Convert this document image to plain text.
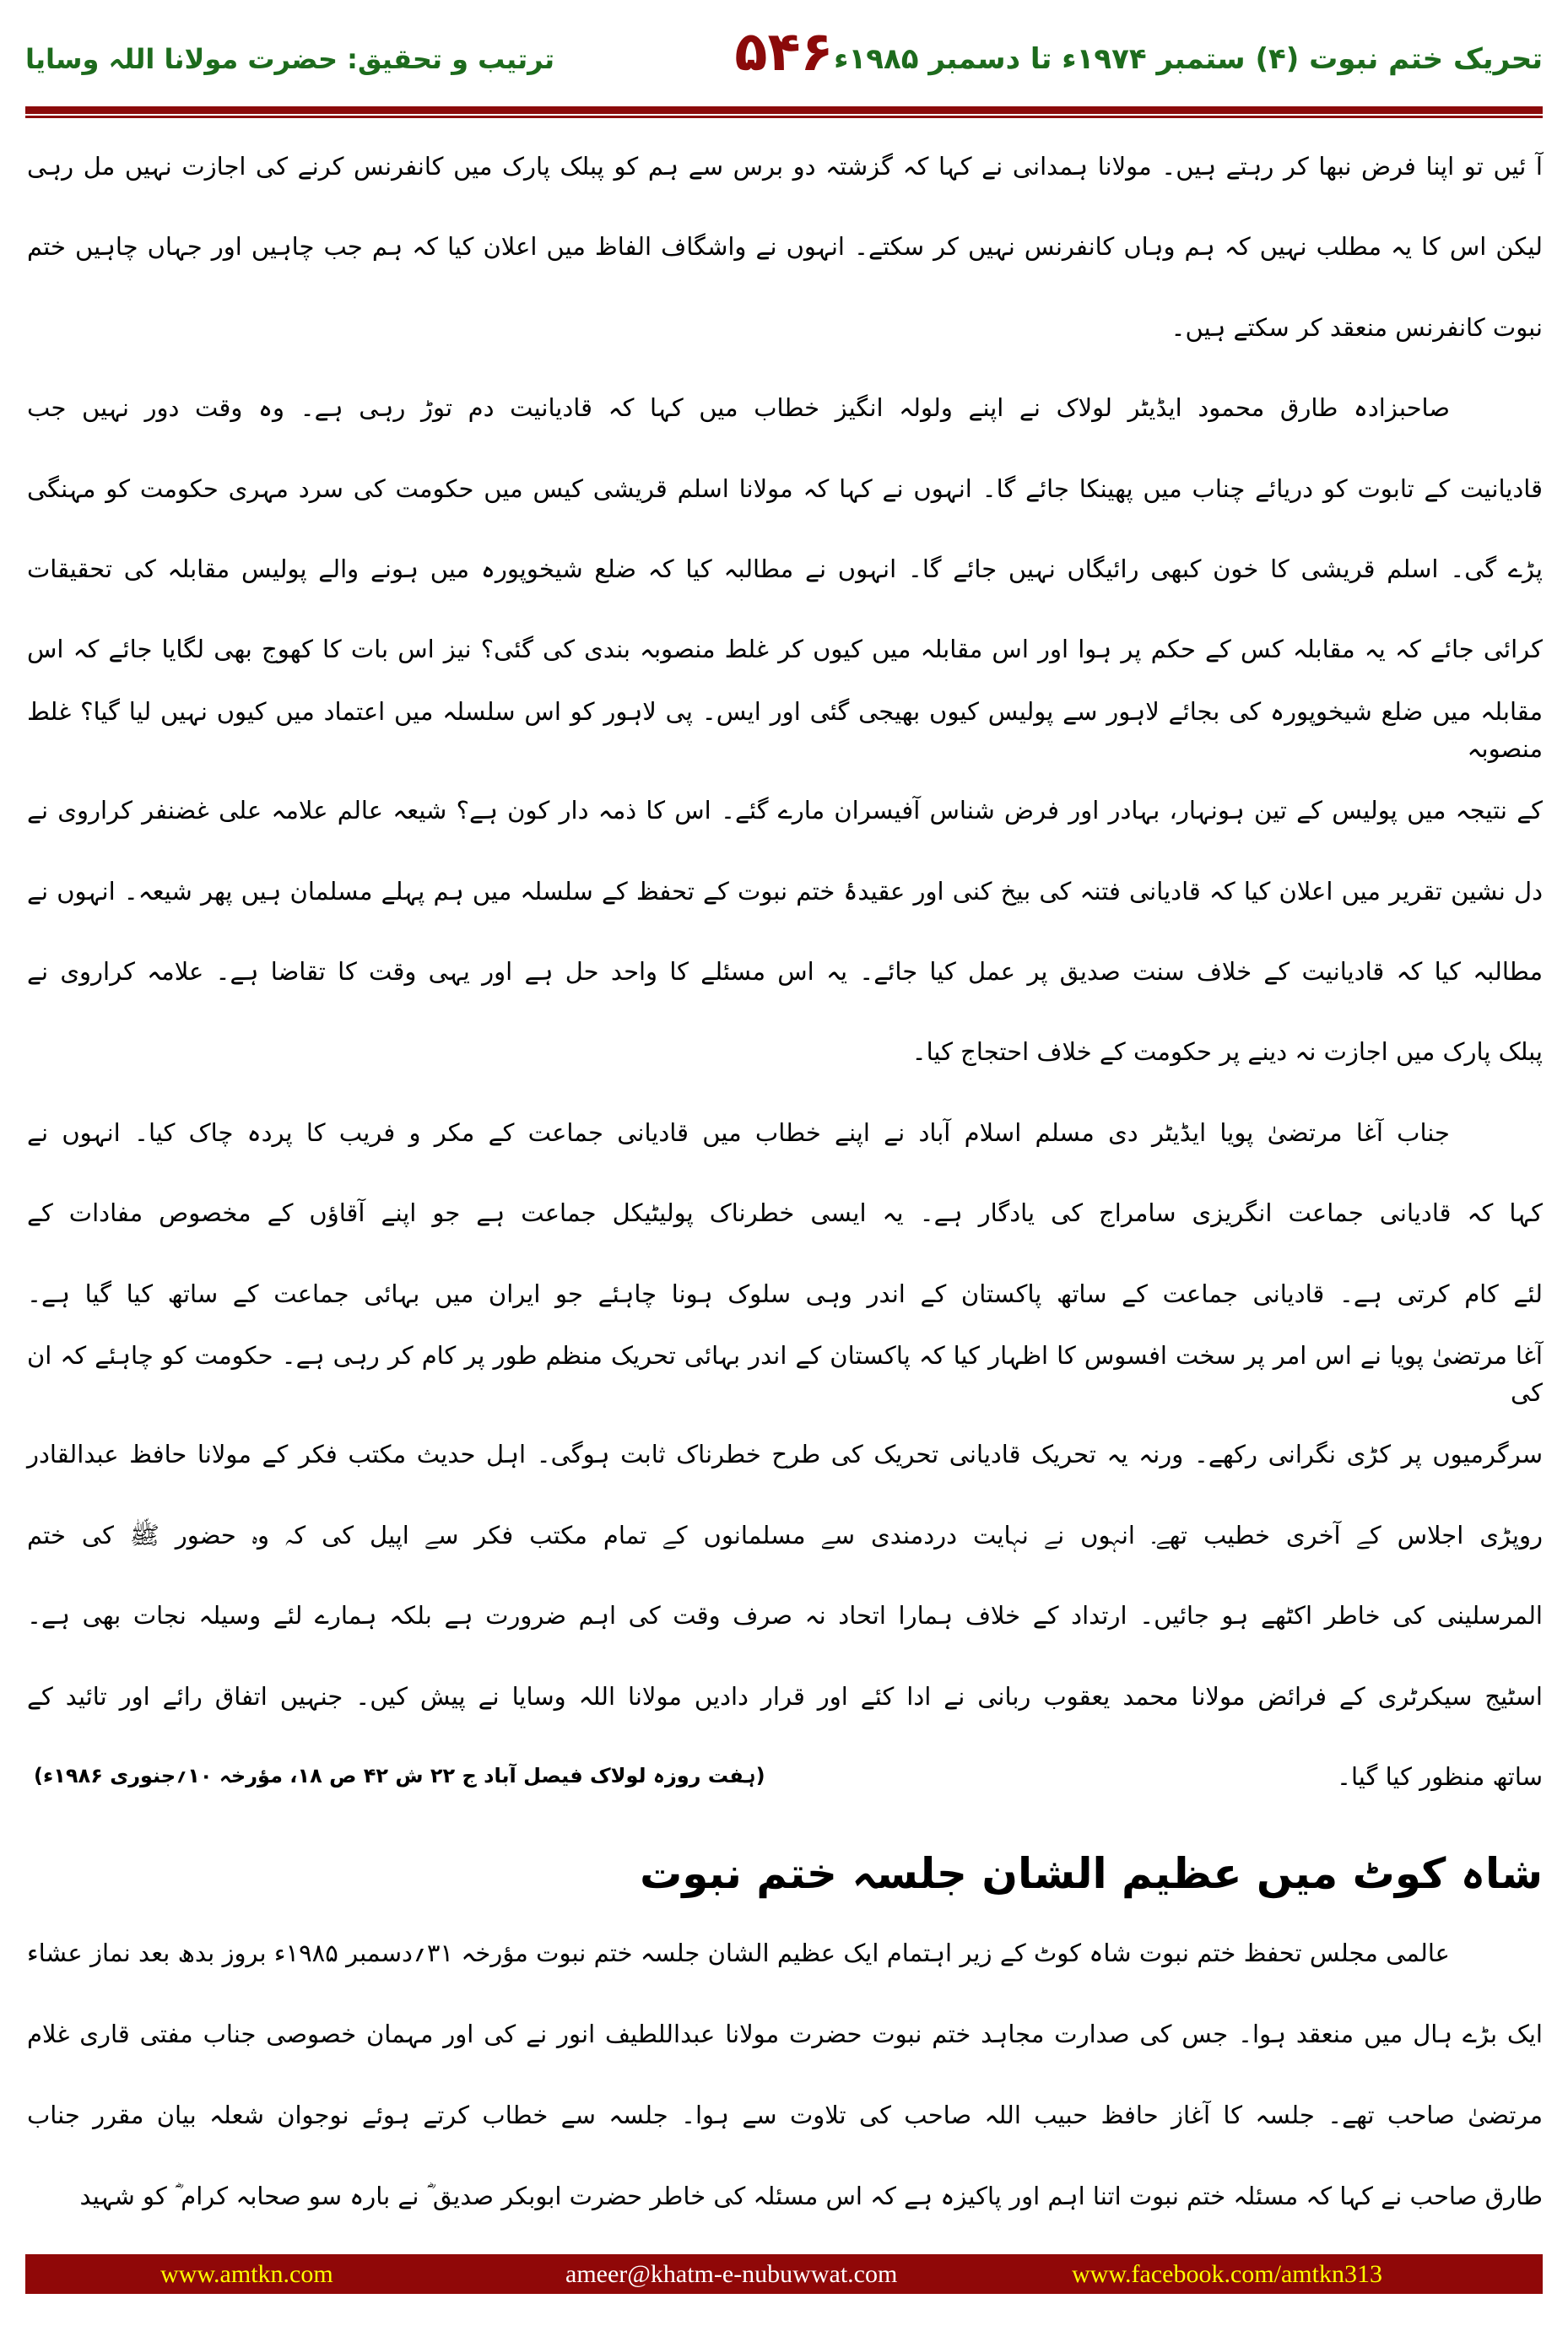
تحریک ختم نبوت (۴) ستمبر ۱۹۷۴ء تا دسمبر ۱۹۸۵ء
۵۴۶
ترتیب و تحقیق: حضرت مولانا اللہ وسایا
آ ئیں تو اپنا فرض نبھا کر رہتے ہیں۔ مولانا ہمدانی نے کہا کہ گزشتہ دو برس سے ہم کو پبلک پارک میں کانفرنس کرنے کی اجازت نہیں مل رہی
لیکن اس کا یہ مطلب نہیں کہ ہم وہاں کانفرنس نہیں کر سکتے۔ انہوں نے واشگاف الفاظ میں اعلان کیا کہ ہم جب چاہیں اور جہاں چاہیں ختم
نبوت کانفرنس منعقد کر سکتے ہیں۔
صاحبزادہ طارق محمود ایڈیٹر لولاک نے اپنے ولولہ انگیز خطاب میں کہا کہ قادیانیت دم توڑ رہی ہے۔ وہ وقت دور نہیں جب
قادیانیت کے تابوت کو دریائے چناب میں پھینکا جائے گا۔ انہوں نے کہا کہ مولانا اسلم قریشی کیس میں حکومت کی سرد مہری حکومت کو مہنگی
پڑے گی۔ اسلم قریشی کا خون کبھی رائیگاں نہیں جائے گا۔ انہوں نے مطالبہ کیا کہ ضلع شیخوپورہ میں ہونے والے پولیس مقابلہ کی تحقیقات
کرائی جائے کہ یہ مقابلہ کس کے حکم پر ہوا اور اس مقابلہ میں کیوں کر غلط منصوبہ بندی کی گئی؟ نیز اس بات کا کھوج بھی لگایا جائے کہ اس
مقابلہ میں ضلع شیخوپورہ کی بجائے لاہور سے پولیس کیوں بھیجی گئی اور ایس۔ پی لاہور کو اس سلسلہ میں اعتماد میں کیوں نہیں لیا گیا؟ غلط منصوبہ
کے نتیجہ میں پولیس کے تین ہونہار، بہادر اور فرض شناس آفیسران مارے گئے۔ اس کا ذمہ دار کون ہے؟ شیعہ عالم علامہ علی غضنفر کراروی نے
دل نشین تقریر میں اعلان کیا کہ قادیانی فتنہ کی بیخ کنی اور عقیدۂ ختم نبوت کے تحفظ کے سلسلہ میں ہم پہلے مسلمان ہیں پھر شیعہ۔ انہوں نے
مطالبہ کیا کہ قادیانیت کے خلاف سنت صدیق پر عمل کیا جائے۔ یہ اس مسئلے کا واحد حل ہے اور یہی وقت کا تقاضا ہے۔ علامہ کراروی نے
پبلک پارک میں اجازت نہ دینے پر حکومت کے خلاف احتجاج کیا۔
جناب آغا مرتضیٰ پویا ایڈیٹر دی مسلم اسلام آباد نے اپنے خطاب میں قادیانی جماعت کے مکر و فریب کا پردہ چاک کیا۔ انہوں نے
کہا کہ قادیانی جماعت انگریزی سامراج کی یادگار ہے۔ یہ ایسی خطرناک پولیٹیکل جماعت ہے جو اپنے آقاؤں کے مخصوص مفادات کے
لئے کام کرتی ہے۔ قادیانی جماعت کے ساتھ پاکستان کے اندر وہی سلوک ہونا چاہئے جو ایران میں بہائی جماعت کے ساتھ کیا گیا ہے۔
آغا مرتضیٰ پویا نے اس امر پر سخت افسوس کا اظہار کیا کہ پاکستان کے اندر بہائی تحریک منظم طور پر کام کر رہی ہے۔ حکومت کو چاہئے کہ ان کی
سرگرمیوں پر کڑی نگرانی رکھے۔ ورنہ یہ تحریک قادیانی تحریک کی طرح خطرناک ثابت ہوگی۔ اہل حدیث مکتب فکر کے مولانا حافظ عبدالقادر
روپڑی اجلاس کے آخری خطیب تھے۔ انہوں نے نہایت دردمندی سے مسلمانوں کے تمام مکتب فکر سے اپیل کی کہ وہ حضور ﷺ کی ختم
المرسلینی کی خاطر اکٹھے ہو جائیں۔ ارتداد کے خلاف ہمارا اتحاد نہ صرف وقت کی اہم ضرورت ہے بلکہ ہمارے لئے وسیلہ نجات بھی ہے۔
اسٹیج سیکرٹری کے فرائض مولانا محمد یعقوب ربانی نے ادا کئے اور قرار دادیں مولانا اللہ وسایا نے پیش کیں۔ جنہیں اتفاق رائے اور تائید کے
ساتھ منظور کیا گیا۔
(ہفت روزہ لولاک فیصل آباد ج ۲۲ ش ۴۲ ص ۱۸، مؤرخہ ۱۰؍جنوری ۱۹۸۶ء)
شاہ کوٹ میں عظیم الشان جلسہ ختم نبوت
عالمی مجلس تحفظ ختم نبوت شاہ کوٹ کے زیر اہتمام ایک عظیم الشان جلسہ ختم نبوت مؤرخہ ۳۱؍دسمبر ۱۹۸۵ء بروز بدھ بعد نماز عشاء
ایک بڑے ہال میں منعقد ہوا۔ جس کی صدارت مجاہد ختم نبوت حضرت مولانا عبداللطیف انور نے کی اور مہمان خصوصی جناب مفتی قاری غلام
مرتضیٰ صاحب تھے۔ جلسہ کا آغاز حافظ حبیب اللہ صاحب کی تلاوت سے ہوا۔ جلسہ سے خطاب کرتے ہوئے نوجوان شعلہ بیان مقرر جناب
طارق صاحب نے کہا کہ مسئلہ ختم نبوت اتنا اہم اور پاکیزہ ہے کہ اس مسئلہ کی خاطر حضرت ابوبکر صدیق ؓ نے بارہ سو صحابہ کرام ؓ کو شہید
www.amtkn.com	ameer@khatm-e-nubuwwat.com	www.facebook.com/amtkn313
